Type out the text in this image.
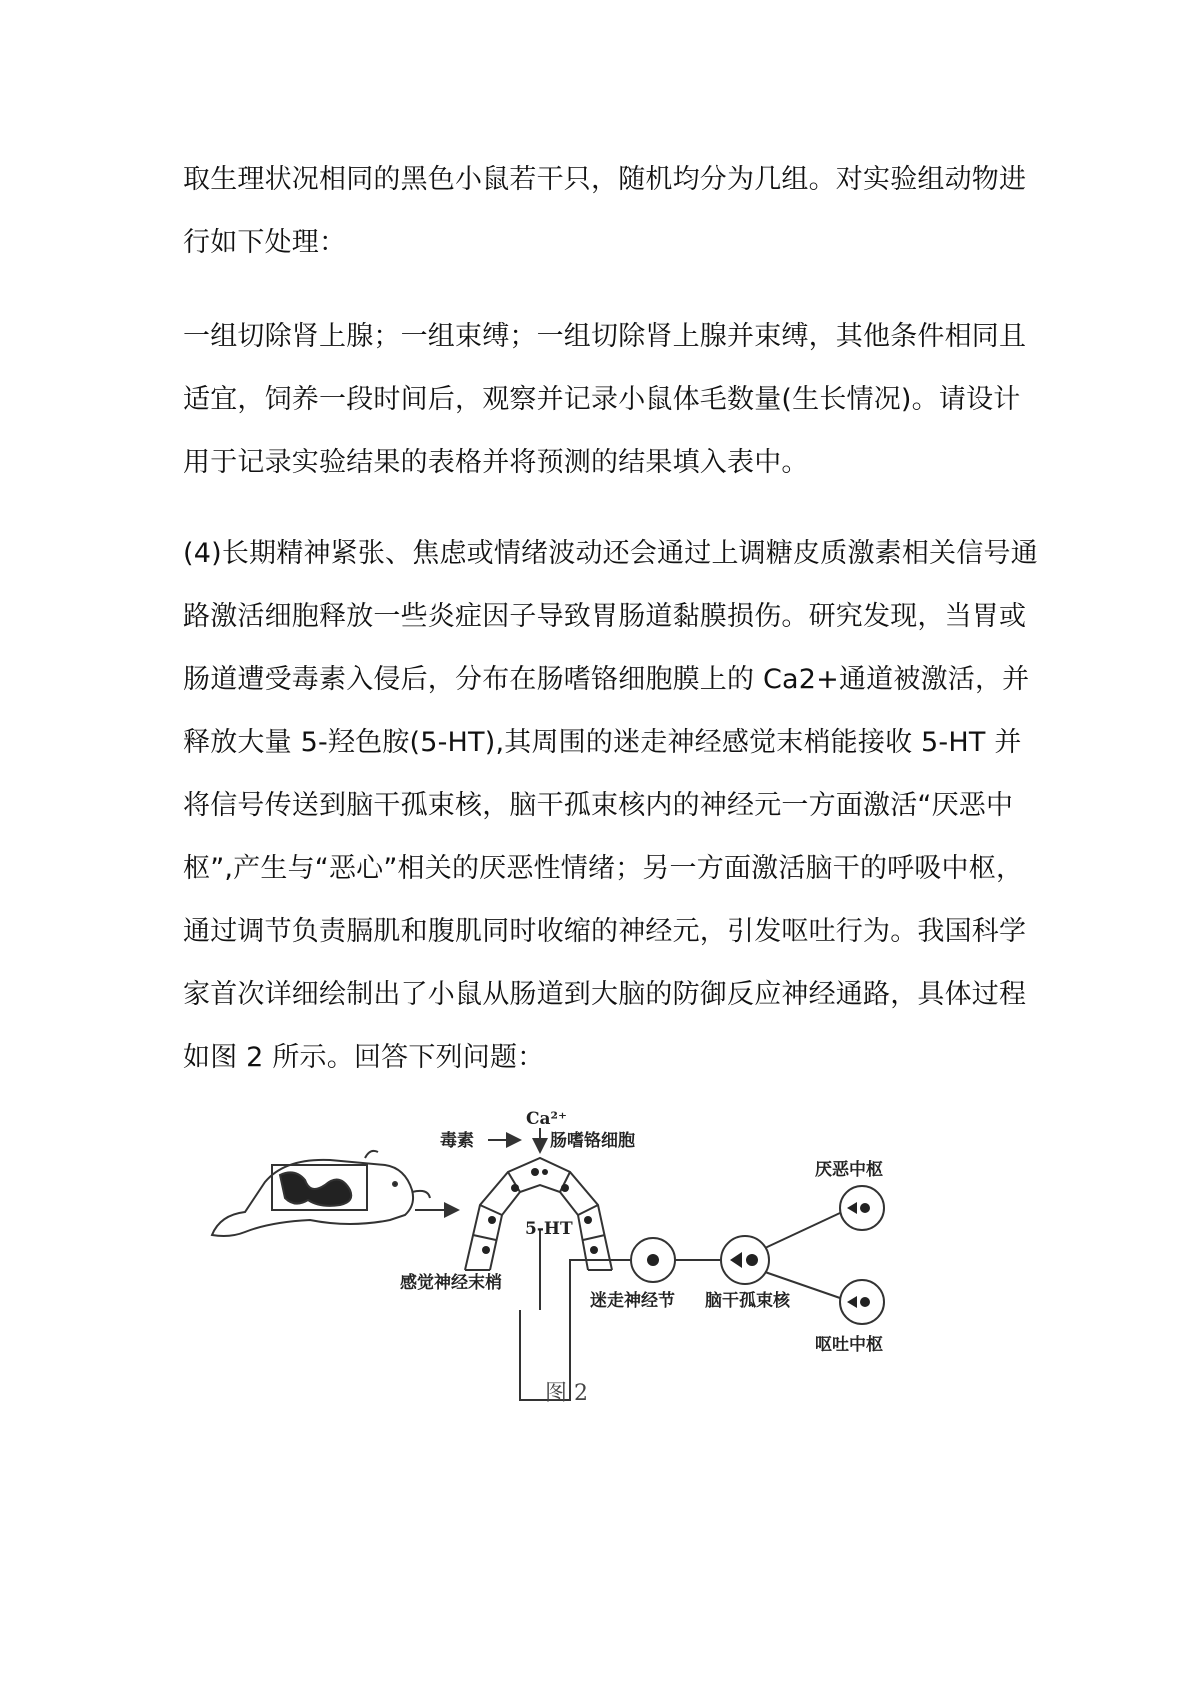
取生理状况相同的黑色小鼠若干只，随机均分为几组。对实验组动物进
行如下处理：
一组切除肾上腺；一组束缚；一组切除肾上腺并束缚，其他条件相同且
适宜，饲养一段时间后，观察并记录小鼠体毛数量(生长情况)。请设计
用于记录实验结果的表格并将预测的结果填入表中。
(4)长期精神紧张、焦虑或情绪波动还会通过上调糖皮质激素相关信号通
路激活细胞释放一些炎症因子导致胃肠道黏膜损伤。研究发现，当胃或
肠道遭受毒素入侵后，分布在肠嗜铬细胞膜上的 Ca2+通道被激活，并
释放大量 5-羟色胺(5-HT),其周围的迷走神经感觉末梢能接收 5-HT 并
将信号传送到脑干孤束核，脑干孤束核内的神经元一方面激活“厌恶中
枢”,产生与“恶心”相关的厌恶性情绪；另一方面激活脑干的呼吸中枢，
通过调节负责膈肌和腹肌同时收缩的神经元，引发呕吐行为。我国科学
家首次详细绘制出了小鼠从肠道到大脑的防御反应神经通路，具体过程
如图 2 所示。回答下列问题：
Ca²⁺
毒素	肠嗜铬细胞
5-HT
感觉神经末梢
迷走神经节 脑干孤束核
厌恶中枢
呕吐中枢
图 2
